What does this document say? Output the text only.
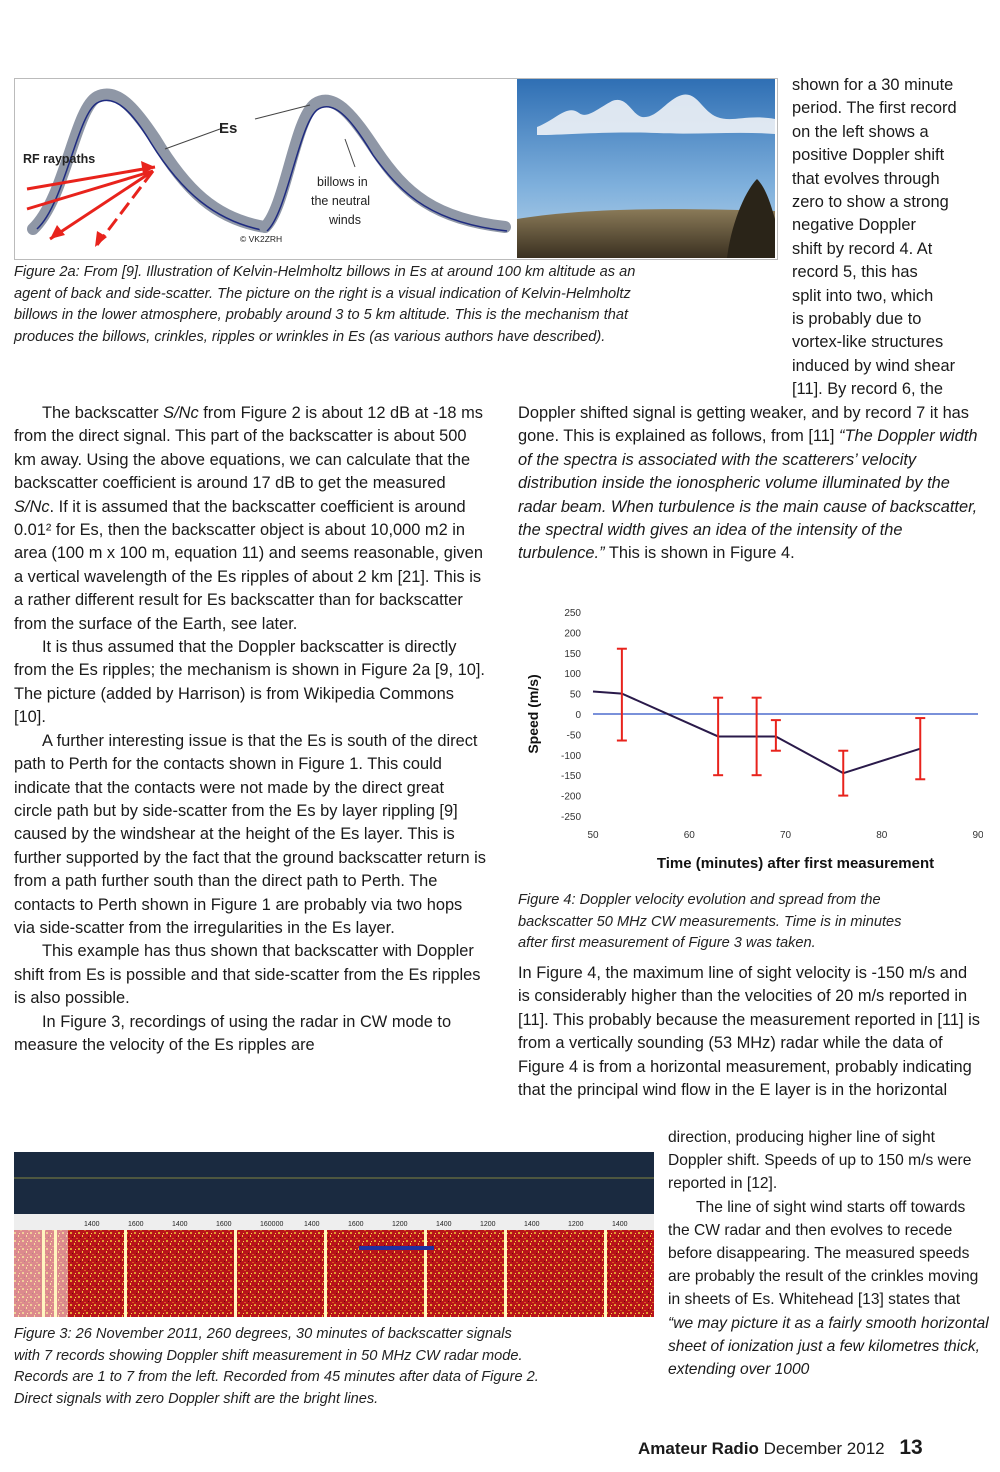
Es
RF raypaths
billows in
the neutral
winds
© VK2ZRH
Figure 2a: From [9]. Illustration of Kelvin-Helmholtz billows in Es at around 100 km altitude as an
agent of back and side-scatter. The picture on the right is a visual indication of Kelvin-Helmholtz
billows in the lower atmosphere, probably around 3 to 5 km altitude. This is the mechanism that
produces the billows, crinkles, ripples or wrinkles in Es (as various authors have described).
shown for a 30 minute
period. The first record
on the left shows a
positive Doppler shift
that evolves through
zero to show a strong
negative Doppler
shift by record 4. At
record 5, this has
split into two, which
is probably due to
vortex-like structures
induced by wind shear
[11]. By record 6, the

The backscatter S/Nc from Figure 2 is about 12 dB at -18 ms from the direct signal. This part of the backscatter is about 500 km away. Using the above equations, we can calculate that the backscatter coefficient is around 17 dB to get the measured S/Nc. If it is assumed that the backscatter coefficient is around 0.01² for Es, then the backscatter object is about 10,000 m2 in area (100 m x 100 m, equation 11) and seems reasonable, given a vertical wavelength of the Es ripples of about 2 km [21]. This is a rather different result for Es backscatter than for backscatter from the surface of the Earth, see later.

It is thus assumed that the Doppler backscatter is directly from the Es ripples; the mechanism is shown in Figure 2a [9, 10]. The picture (added by Harrison) is from Wikipedia Commons [10].

A further interesting issue is that the Es is south of the direct path to Perth for the contacts shown in Figure 1. This could indicate that the contacts were not made by the direct great circle path but by side-scatter from the Es by layer rippling [9] caused by the windshear at the height of the Es layer. This is further supported by the fact that the ground backscatter return is from a path further south than the direct path to Perth. The contacts to Perth shown in Figure 1 are probably via two hops via side-scatter from the irregularities in the Es layer.

This example has thus shown that backscatter with Doppler shift from Es is possible and that side-scatter from the Es ripples is also possible.

In Figure 3, recordings of using the radar in CW mode to measure the velocity of the Es ripples are

Doppler shifted signal is getting weaker, and by record 7 it has gone. This is explained as follows, from [11] “The Doppler width of the spectra is associated with the scatterers’ velocity distribution inside the ionospheric volume illuminated by the radar beam. When turbulence is the main cause of backscatter, the spectral width gives an idea of the intensity of the turbulence.” This is shown in Figure 4.

250
200
150
100
50
0
-50
-100
-150
-200
-250
50	60	70	80	90
Speed (m/s)
Time (minutes) after first measurement
Figure 4: Doppler velocity evolution and spread from the
backscatter 50 MHz CW measurements. Time is in minutes
after first measurement of Figure 3 was taken.

In Figure 4, the maximum line of sight velocity is -150 m/s and is considerably higher than the velocities of 20 m/s reported in [11]. This probably because the measurement reported in [11] is from a vertically sounding (53 MHz) radar while the data of Figure 4 is from a horizontal measurement, probably indicating that the principal wind flow in the E layer is in the horizontal

1400	1600	1400	1600	160000	1400	1600	1200	1400	1200	1400	1200	1400
Figure 3: 26 November 2011, 260 degrees, 30 minutes of backscatter signals
with 7 records showing Doppler shift measurement in 50 MHz CW radar mode.
Records are 1 to 7 from the left. Recorded from 45 minutes after data of Figure 2.
Direct signals with zero Doppler shift are the bright lines.

direction, producing higher line of sight Doppler shift. Speeds of up to 150 m/s were reported in [12].

The line of sight wind starts off towards the CW radar and then evolves to recede before disappearing. The measured speeds are probably the result of the crinkles moving in sheets of Es. Whitehead [13] states that

“we may picture it as a fairly smooth horizontal sheet of ionization just a few kilometres thick, extending over 1000

Amateur Radio December 2012 13
